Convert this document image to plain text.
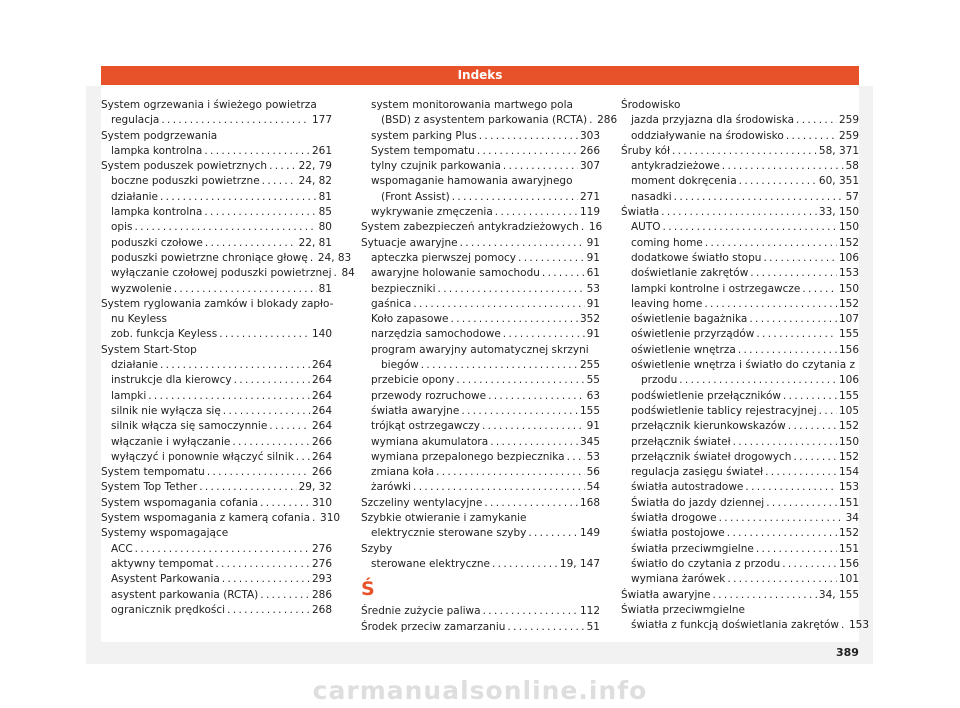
Indeks
System ogrzewania i świeżego powietrza
regulacja . . .	177
System podgrzewania
lampka kontrolna . . .	261
System poduszek powietrznych . . .	22, 79
boczne poduszki powietrzne . . .	24, 82
działanie . . .	81
lampka kontrolna . . .	85
opis . . .	80
poduszki czołowe . . .	22, 81
poduszki powietrzne chroniące głowę . . . 24, 83
wyłączanie czołowej poduszki powietrznej . . . 84
wyzwolenie . . .	81
System ryglowania zamków i blokady zapło-
nu Keyless
zob. funkcja Keyless . . .	140
System Start-Stop
działanie . . .	264
instrukcje dla kierowcy . . .	264
lampki . . .	264
silnik nie wyłącza się . . .	264
silnik włącza się samoczynnie . . .	264
włączanie i wyłączanie . . .	266
wyłączyć i ponownie włączyć silnik . . . 264
System tempomatu . . .	266
System Top Tether . . .	29, 32
System wspomagania cofania . . .	310
System wspomagania z kamerą cofania . . . 310
Systemy wspomagające
ACC . . .	276
aktywny tempomat . . .	276
Asystent Parkowania . . .	293
asystent parkowania (RCTA) . . .	286
ogranicznik prędkości . . .	268
system monitorowania martwego pola
(BSD) z asystentem parkowania (RCTA) . . . 286
system parking Plus . . .	303
System tempomatu . . .	266
tylny czujnik parkowania . . .	307
wspomaganie hamowania awaryjnego
(Front Assist) . . .	271
wykrywanie zmęczenia . . .	119
System zabezpieczeń antykradzieżowych . . . 16
Sytuacje awaryjne . . .	91
apteczka pierwszej pomocy . . .	91
awaryjne holowanie samochodu . . .	61
bezpieczniki . . .	53
gaśnica . . .	91
Koło zapasowe . . .	352
narzędzia samochodowe . . .	91
program awaryjny automatycznej skrzyni
biegów . . .	255
przebicie opony . . .	55
przewody rozruchowe . . .	63
światła awaryjne . . .	155
trójkąt ostrzegawczy . . .	91
wymiana akumulatora . . .	345
wymiana przepalonego bezpiecznika . . . 53
zmiana koła . . .	56
żarówki . . .	54
Szczeliny wentylacyjne . . .	168
Szybkie otwieranie i zamykanie
elektrycznie sterowane szyby . . .	149
Szyby
sterowane elektryczne . . .	19, 147
Ś
Średnie zużycie paliwa . . .	112
Środek przeciw zamarzaniu . . .	51
Środowisko
jazda przyjazna dla środowiska . . .	259
oddziaływanie na środowisko . . .	259
Śruby kół . . .	58, 371
antykradzieżowe . . .	58
moment dokręcenia . . .	60, 351
nasadki . . .	57
Światła . . .	33, 150
AUTO . . .	150
coming home . . .	152
dodatkowe światło stopu . . .	106
doświetlanie zakrętów . . .	153
lampki kontrolne i ostrzegawcze . . .	150
leaving home . . .	152
oświetlenie bagażnika . . .	107
oświetlenie przyrządów . . .	155
oświetlenie wnętrza . . .	156
oświetlenie wnętrza i światło do czytania z
przodu . . .	106
podświetlenie przełączników . . .	155
podświetlenie tablicy rejestracyjnej . . . 105
przełącznik kierunkowskazów . . .	152
przełącznik świateł . . .	150
przełącznik świateł drogowych . . .	152
regulacja zasięgu świateł . . .	154
światła autostradowe . . .	153
Światła do jazdy dziennej . . .	151
światła drogowe . . .	34
światła postojowe . . .	152
światła przeciwmgielne . . .	151
światło do czytania z przodu . . .	156
wymiana żarówek . . .	101
Światła awaryjne . . .	34, 155
Światła przeciwmgielne
światła z funkcją doświetlania zakrętów . . . 153
389
carmanualsonline.info
